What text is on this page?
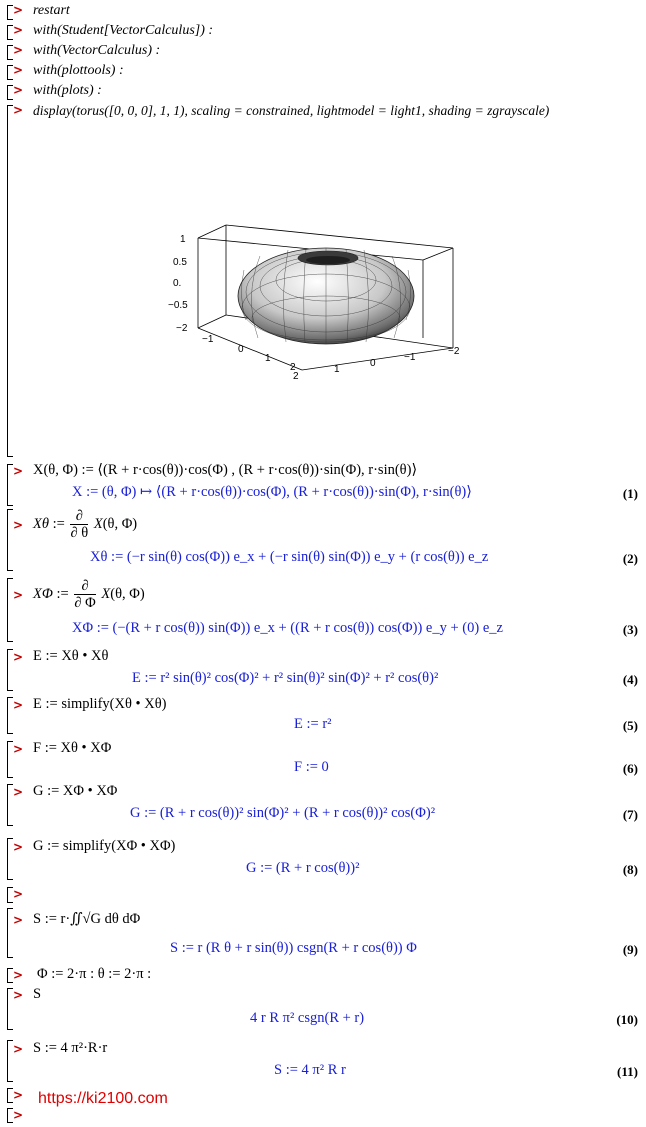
> restart
> with(Student[VectorCalculus]) :
> with(VectorCalculus) :
> with(plottools) :
> with(plots) :
> display(torus([0, 0, 0], 1, 1), scaling = constrained, lightmodel = light1, shading = zgrayscale)
1
0.5
0.
−0.5
−2
−1
0
1
2
2
−2
−1
0
1
> X(θ, Φ) := ⟨(R + r·cos(θ))·cos(Φ) , (R + r·cos(θ))·sin(Φ), r·sin(θ)⟩
X := (θ, Φ) ↦ ⟨(R + r·cos(θ))·cos(Φ), (R + r·cos(θ))·sin(Φ), r·sin(θ)⟩	(1)
> Xθ := $\frac{\partial}{\partial \theta} X(\theta$, Φ)
Xθ := (−r sin(θ) cos(Φ)) e_x + (−r sin(θ) sin(Φ)) e_y + (r cos(θ)) e_z	(2)
> XΦ := $\frac{\partial}{\partial \Phi} X(\theta$, Φ)
XΦ := (−(R + r cos(θ)) sin(Φ)) e_x + ((R + r cos(θ)) cos(Φ)) e_y + (0) e_z	(3)
> E := Xθ • Xθ
E := r² sin(θ)² cos(Φ)² + r² sin(θ)² sin(Φ)² + r² cos(θ)²	(4)
> E := simplify(Xθ • Xθ)
E := r²	(5)
> F := Xθ • XΦ
F := 0	(6)
> G := XΦ • XΦ
G := (R + r cos(θ))² sin(Φ)² + (R + r cos(θ))² cos(Φ)²	(7)
> G := simplify(XΦ • XΦ)
G := (R + r cos(θ))²	(8)
>
> S := r·∬√G dθ dΦ
S := r (R θ + r sin(θ)) csgn(R + r cos(θ)) Φ	(9)
> Φ := 2·π : θ := 2·π :
> S
4 r R π² csgn(R + r)	(10)
> S := 4 π²·R·r
S := 4 π² R r	(11)
>
>
https://ki2100.com
